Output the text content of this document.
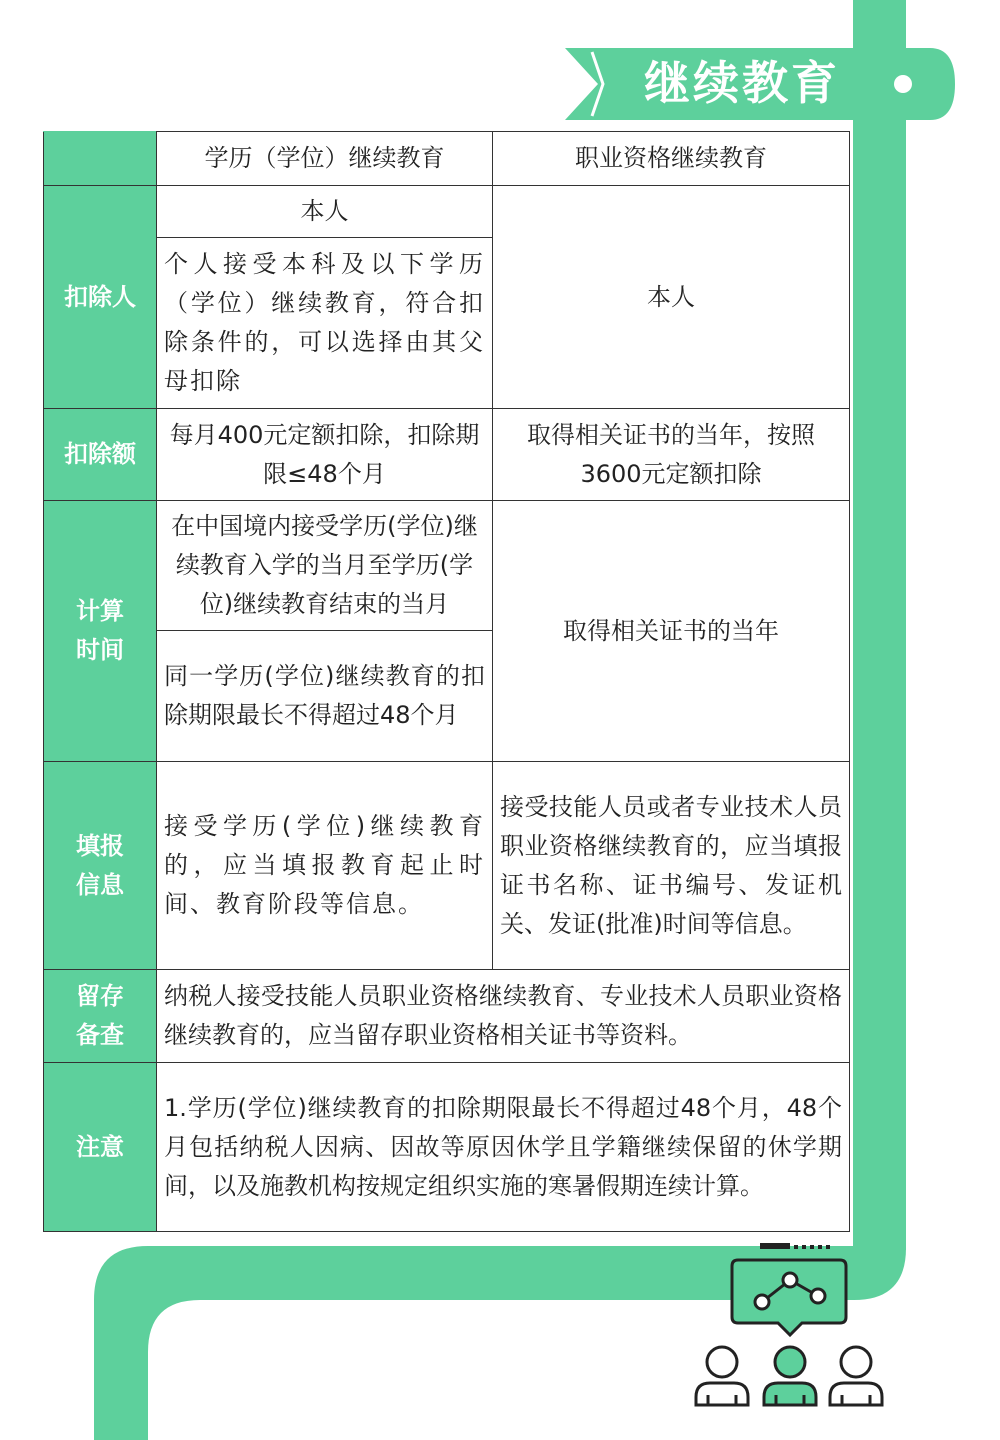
继续教育
	学历（学位）继续教育	职业资格继续教育
扣除人	本人	本人
	个人接受本科及以下学历（学位）继续教育，符合扣除条件的，可以选择由其父母扣除	
扣除额	每月400元定额扣除，扣除期限≤48个月	取得相关证书的当年，按照3600元定额扣除
计算时间	在中国境内接受学历(学位)继续教育入学的当月至学历(学位)继续教育结束的当月	取得相关证书的当年
	同一学历(学位)继续教育的扣除期限最长不得超过48个月	
填报信息	接受学历(学位)继续教育的，应当填报教育起止时间、教育阶段等信息。	接受技能人员或者专业技术人员职业资格继续教育的，应当填报证书名称、证书编号、发证机关、发证(批准)时间等信息。
留存备查	纳税人接受技能人员职业资格继续教育、专业技术人员职业资格继续教育的，应当留存职业资格相关证书等资料。	
注意	1.学历(学位)继续教育的扣除期限最长不得超过48个月，48个月包括纳税人因病、因故等原因休学且学籍继续保留的休学期间，以及施教机构按规定组织实施的寒暑假期连续计算。	
